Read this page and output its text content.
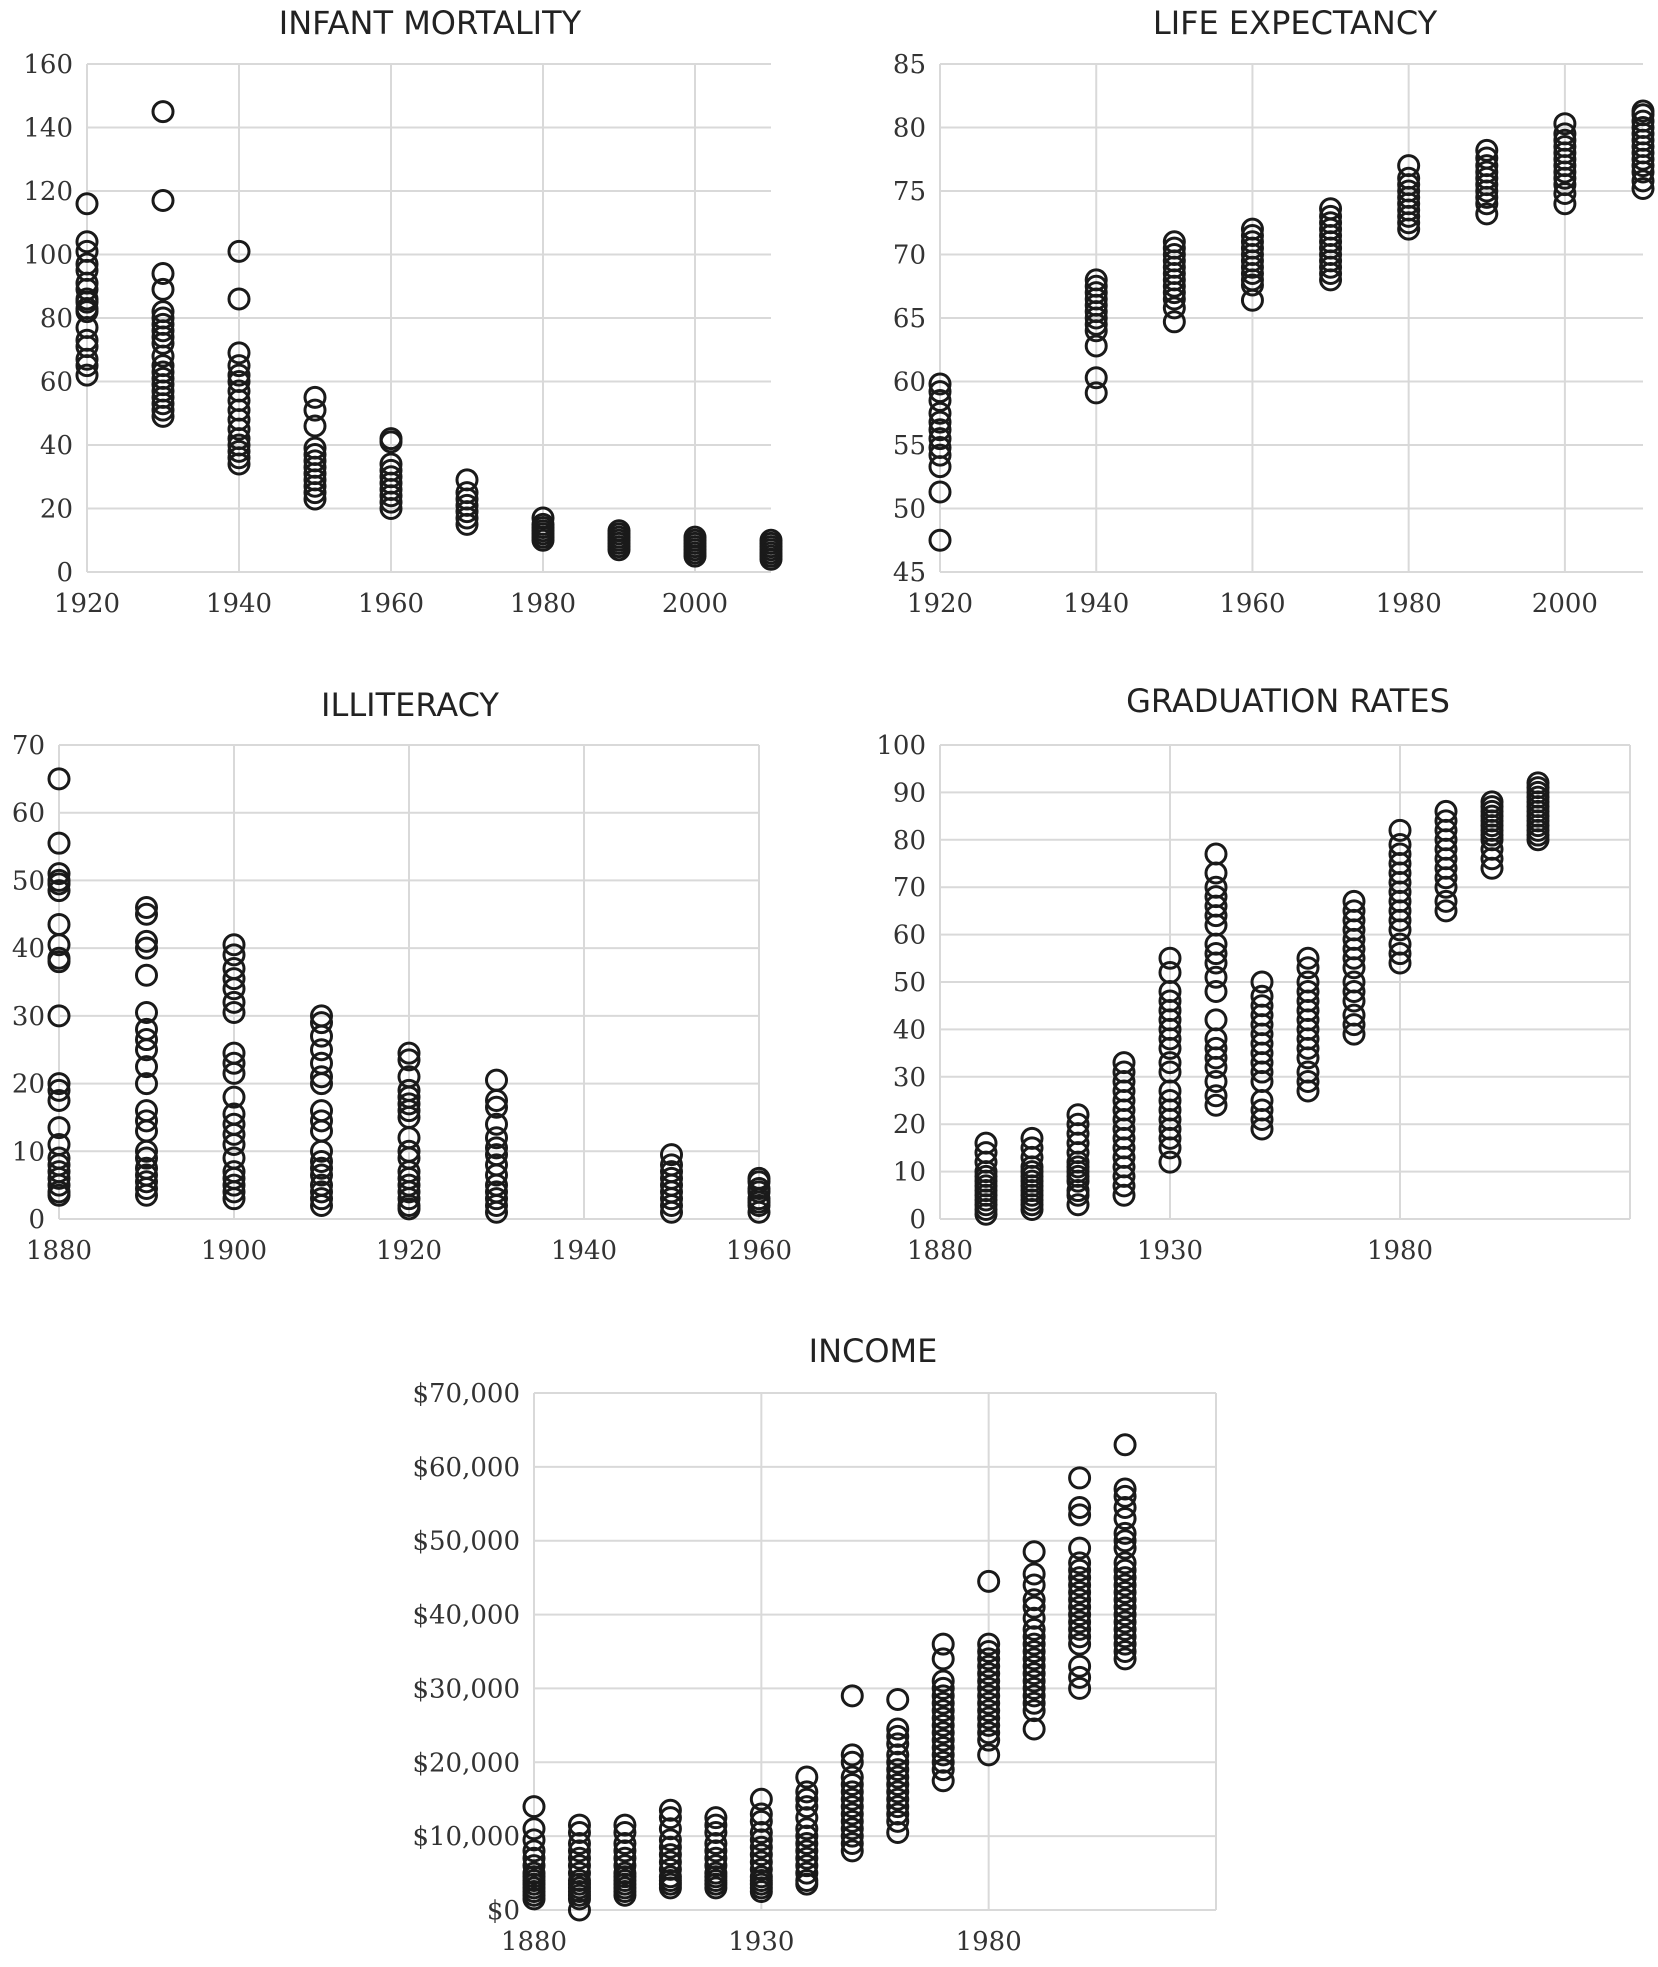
INFANT MORTALITY
0
20
40
60
80
100
120
140
160
1920	1940	1960	1980	2000
LIFE EXPECTANCY
45
50
55
60
65
70
75
80
85
1920	1940	1960	1980	2000
ILLITERACY
0
10
20
30
40
50
60
70
1880	1900	1920	1940	1960
GRADUATION RATES
0
10
20
30
40
50
60
70
80
90
100
1880	1930	1980
INCOME
$0
$10,000
$20,000
$30,000
$40,000
$50,000
$60,000
$70,000
1880	1930	1980
